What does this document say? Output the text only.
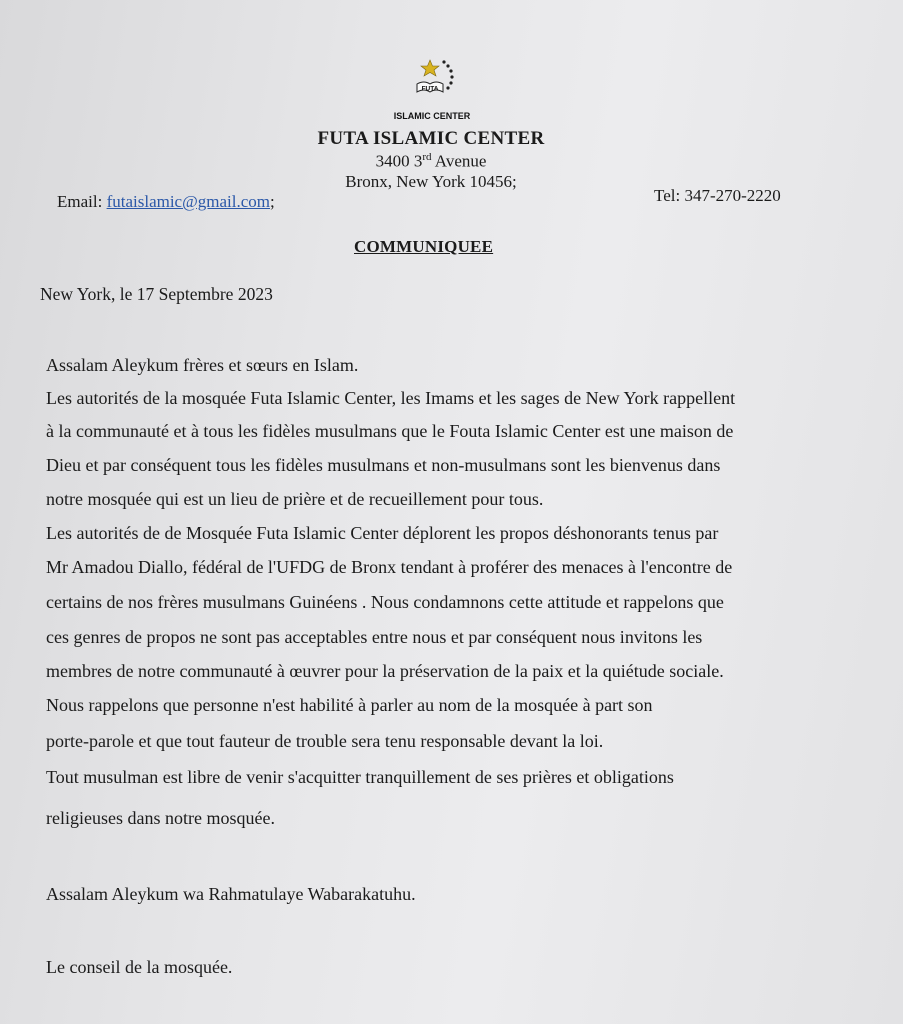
FUTA
ISLAMIC CENTER
FUTA ISLAMIC CENTER
3400 3rd Avenue
Bronx, New York 10456;
Email: futaislamic@gmail.com;	Tel: 347-270-2220
COMMUNIQUEE
New York, le 17 Septembre 2023
Assalam Aleykum frères et sœurs en Islam.
Les autorités de la mosquée Futa Islamic Center, les Imams et les sages de New York rappellent
à la communauté et à tous les fidèles musulmans que le Fouta Islamic Center est une maison de
Dieu et par conséquent tous les fidèles musulmans et non-musulmans sont les bienvenus dans
notre mosquée qui est un lieu de prière et de recueillement pour tous.
Les autorités de de Mosquée Futa Islamic Center déplorent les propos déshonorants tenus par
Mr Amadou Diallo, fédéral de l'UFDG de Bronx tendant à proférer des menaces à l'encontre de
certains de nos frères musulmans Guinéens . Nous condamnons cette attitude et rappelons que
ces genres de propos ne sont pas acceptables entre nous et par conséquent nous invitons les
membres de notre communauté à œuvrer pour la préservation de la paix et la quiétude sociale.
Nous rappelons que personne n'est habilité à parler au nom de la mosquée à part son
porte-parole et que tout fauteur de trouble sera tenu responsable devant la loi.
Tout musulman est libre de venir s'acquitter tranquillement de ses prières et obligations
religieuses dans notre mosquée.
Assalam Aleykum wa Rahmatulaye Wabarakatuhu.
Le conseil de la mosquée.
